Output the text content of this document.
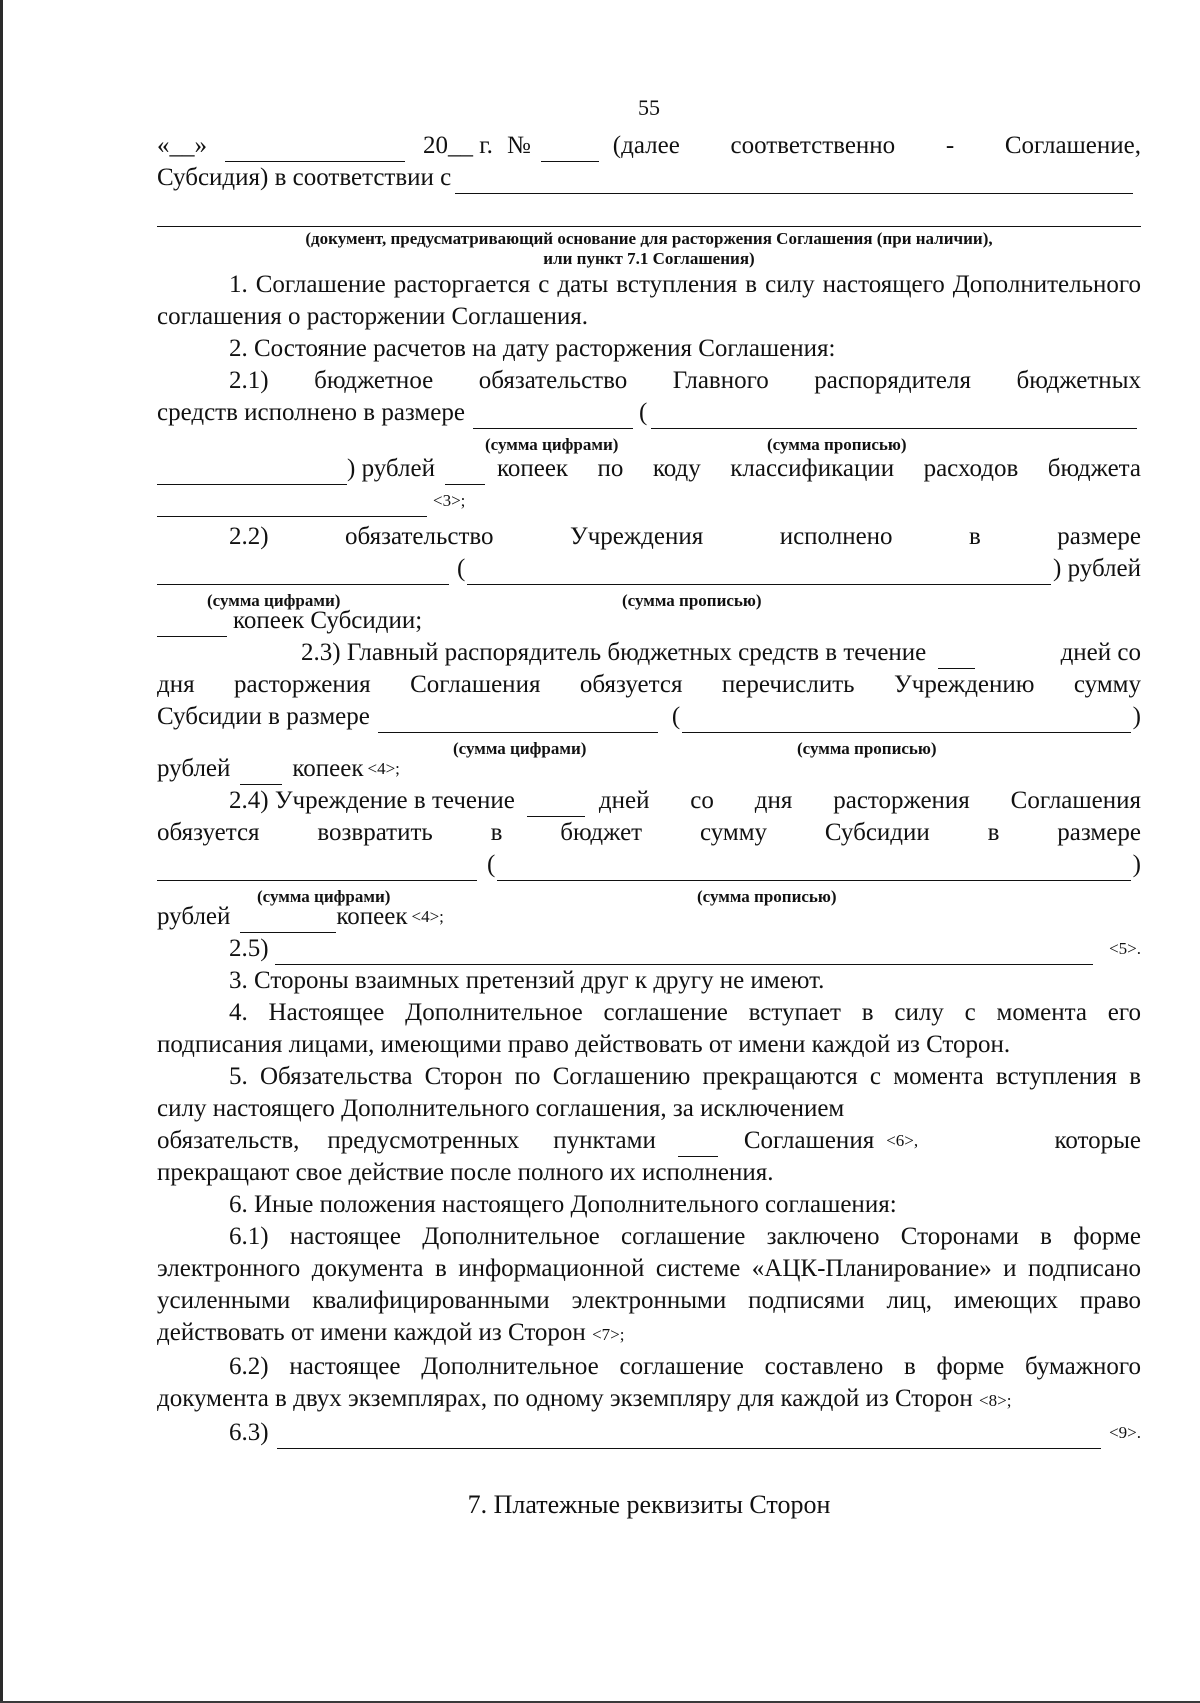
55
«__»	20__ г. №	(далее соответственно - Соглашение,
Субсидия) в соответствии с

(документ, предусматривающий основание для расторжения Соглашения (при наличии),

или пункт 7.1 Соглашения)

1. Соглашение расторгается с даты вступления в силу настоящего Дополнительного соглашения о расторжении Соглашения.

2. Состояние расчетов на дату расторжения Соглашения:

2.1) бюджетное обязательство Главного распорядителя бюджетных

средств исполнено в размере	(
(сумма цифрами)	(сумма прописью)
) рублей копеек по коду классификации расходов бюджета
<3>;
2.2)	обязательство	Учреждения	исполнено	в	размере
(	) рублей
(сумма цифрами)	(сумма прописью)
копеек Субсидии;
2.3) Главный распорядитель бюджетных средств в течение	дней со

дня расторжения Соглашения обязуется перечислить Учреждению сумму

Субсидии в размере	(	)
(сумма цифрами)	(сумма прописью)
рублей копеек <4>;
2.4) Учреждение в течение	дней со дня расторжения Соглашения
обязуется возвратить в бюджет сумму Субсидии в размере
(	)
(сумма цифрами)	(сумма прописью)
рублей	копеек <4>;
2.5)	<5>.

3. Стороны взаимных претензий друг к другу не имеют.

4. Настоящее Дополнительное соглашение вступает в силу с момента его подписания лицами, имеющими право действовать от имени каждой из Сторон.

5. Обязательства Сторон по Соглашению прекращаются с момента вступления в силу настоящего Дополнительного соглашения, за исключением

обязательств, предусмотренных пунктами	Соглашения <6>,	которые

прекращают свое действие после полного их исполнения.

6. Иные положения настоящего Дополнительного соглашения:

6.1) настоящее Дополнительное соглашение заключено Сторонами в форме электронного документа в информационной системе «АЦК-Планирование» и подписано усиленными квалифицированными электронными подписями лиц, имеющих право действовать от имени каждой из Сторон <7>;

6.2) настоящее Дополнительное соглашение составлено в форме бумажного документа в двух экземплярах, по одному экземпляру для каждой из Сторон <8>;

6.3)	<9>.
7. Платежные реквизиты Сторон
